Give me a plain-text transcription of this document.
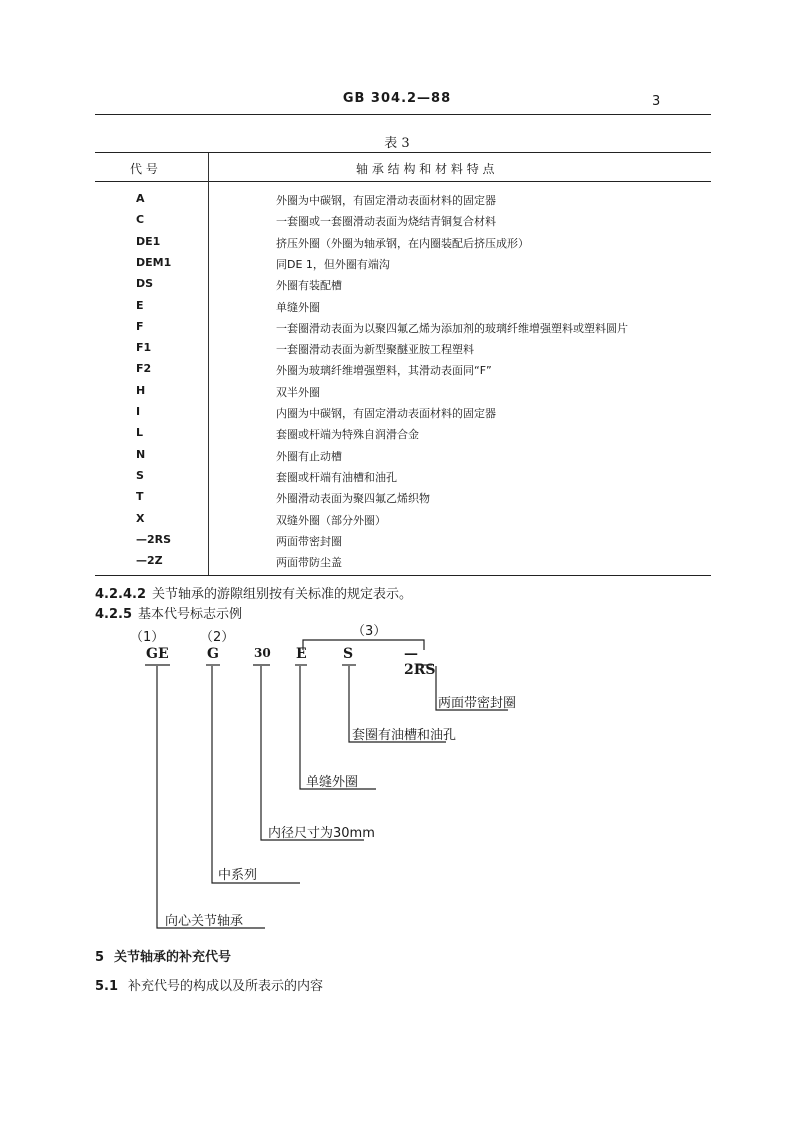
GB 304.2—88	3
表 3
代 号	轴 承 结 构 和 材 料 特 点
A	外圈为中碳钢，有固定滑动表面材料的固定器
C	一套圈或一套圈滑动表面为烧结青铜复合材料
DE1	挤压外圈（外圈为轴承钢，在内圈装配后挤压成形）
DEM1	同DE 1，但外圈有端沟
DS	外圈有装配槽
E	单缝外圈
F	一套圈滑动表面为以聚四氟乙烯为添加剂的玻璃纤维增强塑料或塑料圆片
F1	一套圈滑动表面为新型聚醚亚胺工程塑料
F2	外圈为玻璃纤维增强塑料，其滑动表面同“F”
H	双半外圈
I	内圈为中碳钢，有固定滑动表面材料的固定器
L	套圈或杆端为特殊自润滑合金
N	外圈有止动槽
S	套圈或杆端有油槽和油孔
T	外圈滑动表面为聚四氟乙烯织物
X	双缝外圈（部分外圈）
—2RS	两面带密封圈
—2Z	两面带防尘盖
4.2.4.2 关节轴承的游隙组别按有关标准的规定表示。
4.2.5 基本代号标志示例
（1）	（2）	（3）
GE	G	30 E	S	—2RS
两面带密封圈
套圈有油槽和油孔
单缝外圈
内径尺寸为30mm
中系列
向心关节轴承
5 关节轴承的补充代号
5.1 补充代号的构成以及所表示的内容
